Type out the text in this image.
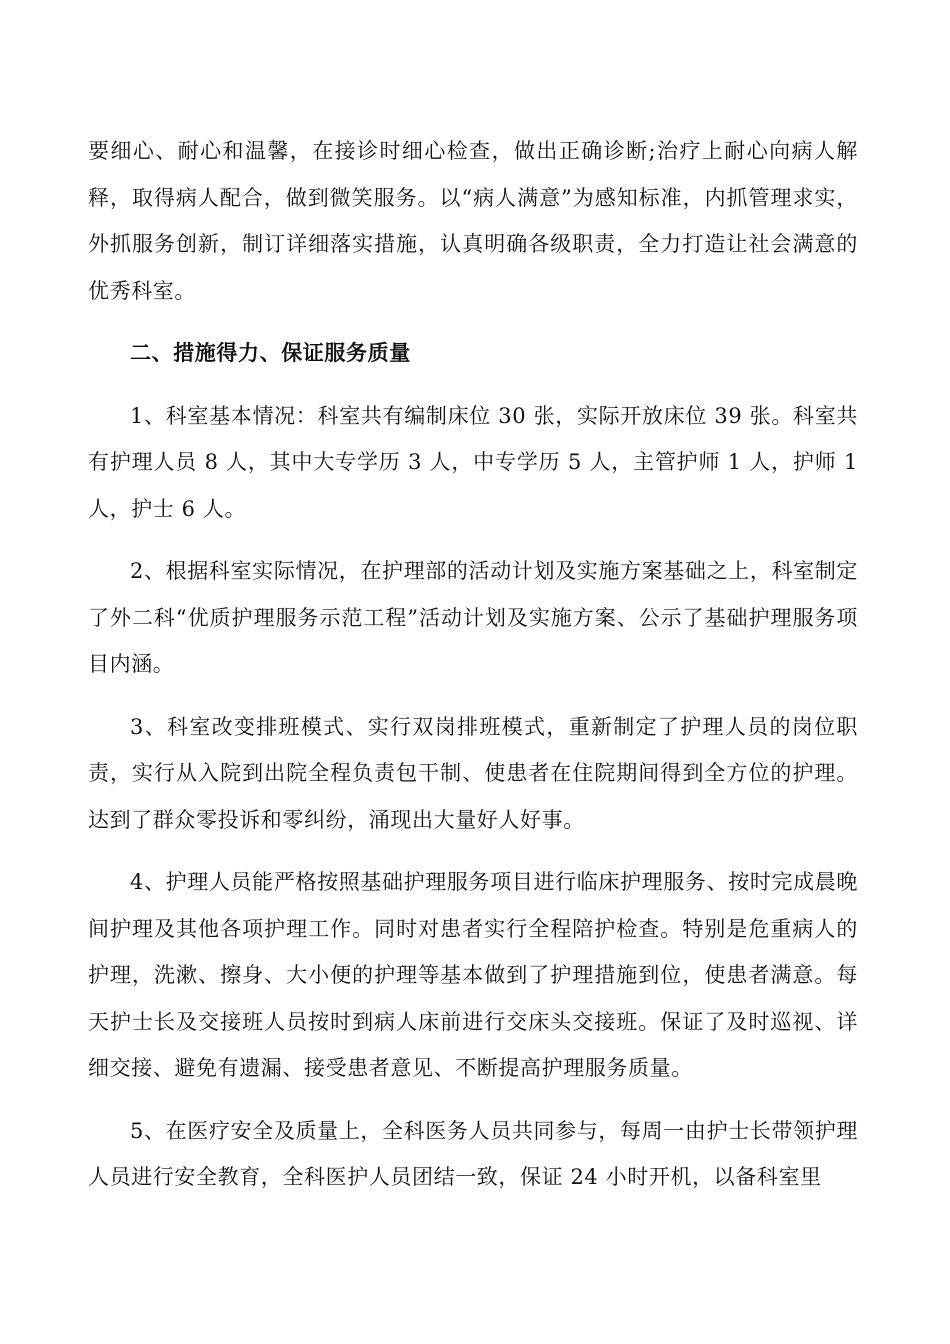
要细心、耐心和温馨，在接诊时细心检查，做出正确诊断;治疗上耐心向病人解释，取得病人配合，做到微笑服务。以“病人满意”为感知标准，内抓管理求实，外抓服务创新，制订详细落实措施，认真明确各级职责，全力打造让社会满意的优秀科室。

二、措施得力、保证服务质量

1、科室基本情况：科室共有编制床位 30 张，实际开放床位 39 张。科室共有护理人员 8 人，其中大专学历 3 人，中专学历 5 人，主管护师 1 人，护师 1 人，护士 6 人。

2、根据科室实际情况，在护理部的活动计划及实施方案基础之上，科室制定了外二科“优质护理服务示范工程”活动计划及实施方案、公示了基础护理服务项目内涵。

3、科室改变排班模式、实行双岗排班模式，重新制定了护理人员的岗位职责，实行从入院到出院全程负责包干制、使患者在住院期间得到全方位的护理。达到了群众零投诉和零纠纷，涌现出大量好人好事。

4、护理人员能严格按照基础护理服务项目进行临床护理服务、按时完成晨晚间护理及其他各项护理工作。同时对患者实行全程陪护检查。特别是危重病人的护理，洗漱、擦身、大小便的护理等基本做到了护理措施到位，使患者满意。每天护士长及交接班人员按时到病人床前进行交床头交接班。保证了及时巡视、详细交接、避免有遗漏、接受患者意见、不断提高护理服务质量。

5、在医疗安全及质量上，全科医务人员共同参与，每周一由护士长带领护理人员进行安全教育，全科医护人员团结一致，保证 24 小时开机，以备科室里
